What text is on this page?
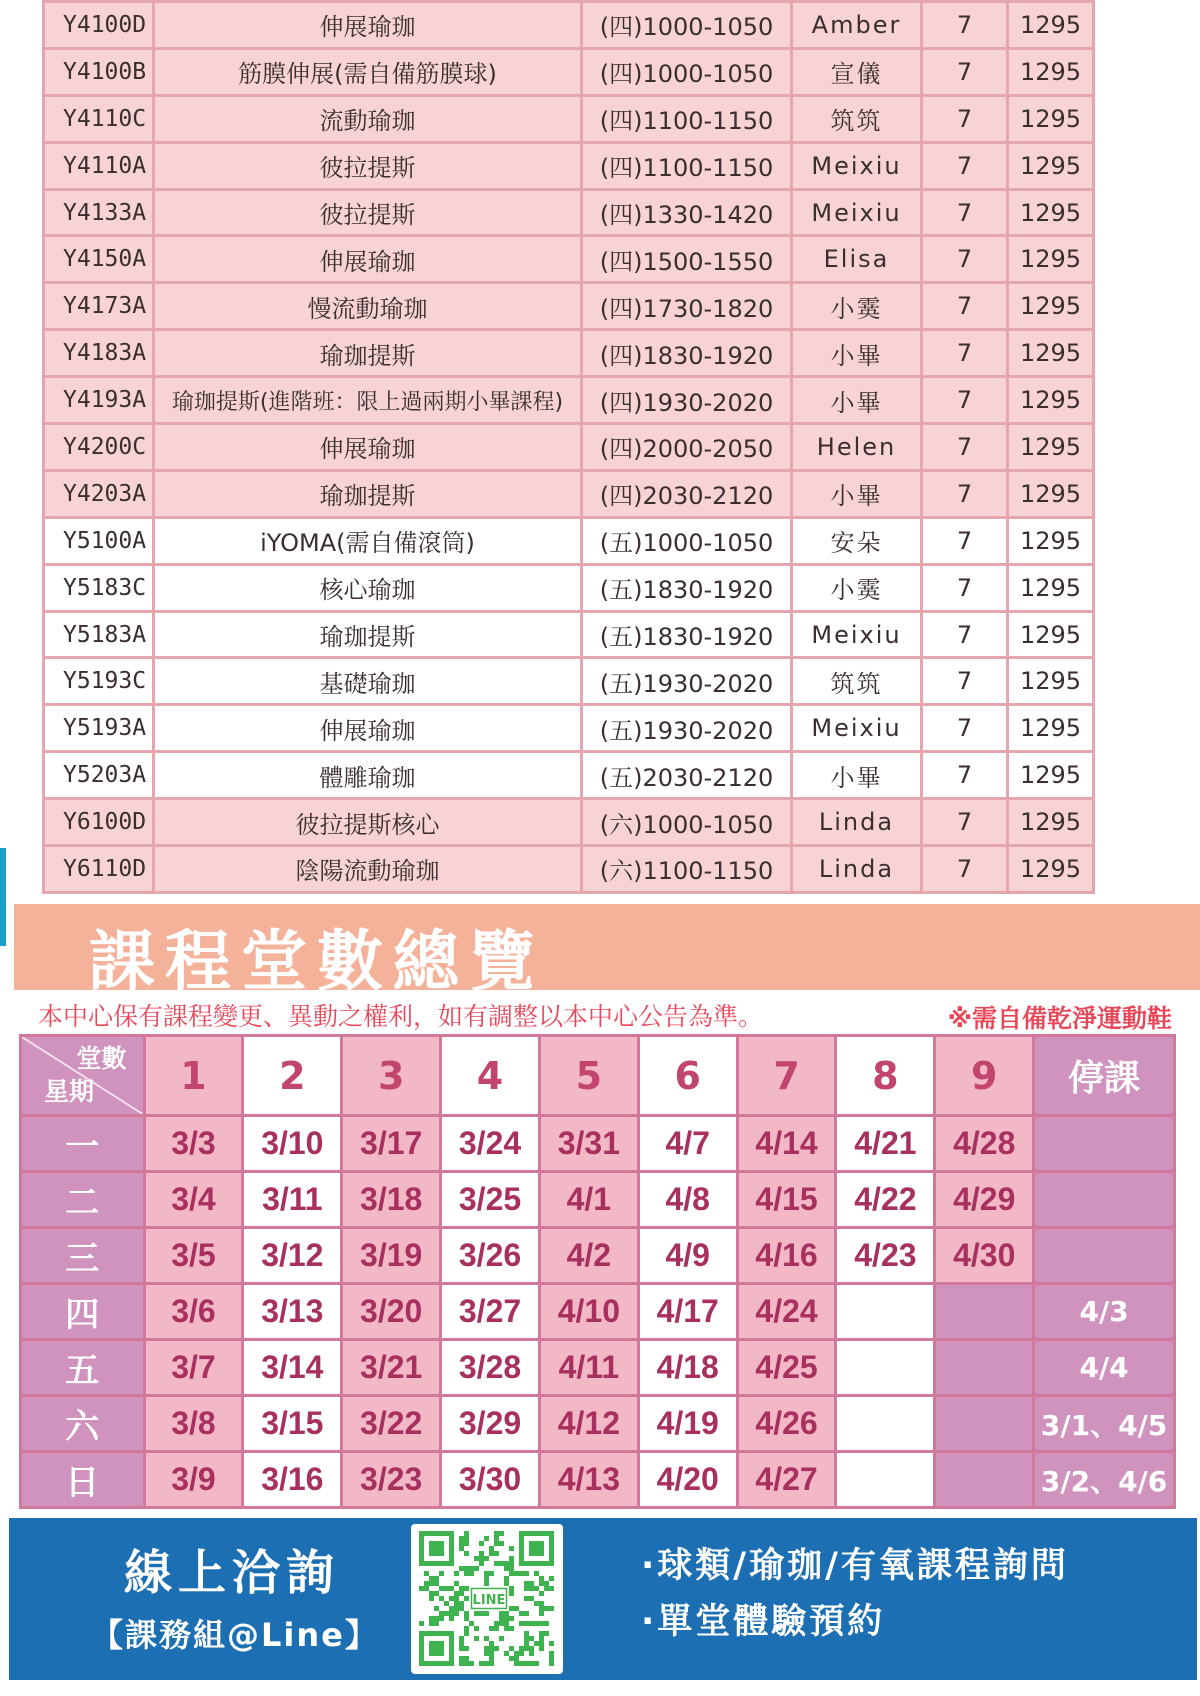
Y4100D	伸展瑜珈	(四)1000-1050	Amber	7	1295
Y4100B	筋膜伸展(需自備筋膜球)	(四)1000-1050	宣儀	7	1295
Y4110C	流動瑜珈	(四)1100-1150	筑筑	7	1295
Y4110A	彼拉提斯	(四)1100-1150	Meixiu	7	1295
Y4133A	彼拉提斯	(四)1330-1420	Meixiu	7	1295
Y4150A	伸展瑜珈	(四)1500-1550	Elisa	7	1295
Y4173A	慢流動瑜珈	(四)1730-1820	小霙	7	1295
Y4183A	瑜珈提斯	(四)1830-1920	小畢	7	1295
Y4193A	瑜珈提斯(進階班：限上過兩期小畢課程)	(四)1930-2020	小畢	7	1295
Y4200C	伸展瑜珈	(四)2000-2050	Helen	7	1295
Y4203A	瑜珈提斯	(四)2030-2120	小畢	7	1295
Y5100A	iYOMA(需自備滾筒)	(五)1000-1050	安朵	7	1295
Y5183C	核心瑜珈	(五)1830-1920	小霙	7	1295
Y5183A	瑜珈提斯	(五)1830-1920	Meixiu	7	1295
Y5193C	基礎瑜珈	(五)1930-2020	筑筑	7	1295
Y5193A	伸展瑜珈	(五)1930-2020	Meixiu	7	1295
Y5203A	體雕瑜珈	(五)2030-2120	小畢	7	1295
Y6100D	彼拉提斯核心	(六)1000-1050	Linda	7	1295
Y6110D	陰陽流動瑜珈	(六)1100-1150	Linda	7	1295
課程堂數總覽
本中心保有課程變更、異動之權利，如有調整以本中心公告為準。	※需自備乾淨運動鞋
堂數
星期	1	2	3	4	5	6	7	8	9	停課
一	3/3	3/10	3/17	3/24	3/31	4/7	4/14	4/21	4/28	
二	3/4	3/11	3/18	3/25	4/1	4/8	4/15	4/22	4/29	
三	3/5	3/12	3/19	3/26	4/2	4/9	4/16	4/23	4/30	
四	3/6	3/13	3/20	3/27	4/10	4/17	4/24			4/3
五	3/7	3/14	3/21	3/28	4/11	4/18	4/25			4/4
六	3/8	3/15	3/22	3/29	4/12	4/19	4/26			3/1、4/5
日	3/9	3/16	3/23	3/30	4/13	4/20	4/27			3/2、4/6
線上洽詢
【課務組@Line】
LINE
·球類/瑜珈/有氧課程詢問
·單堂體驗預約
